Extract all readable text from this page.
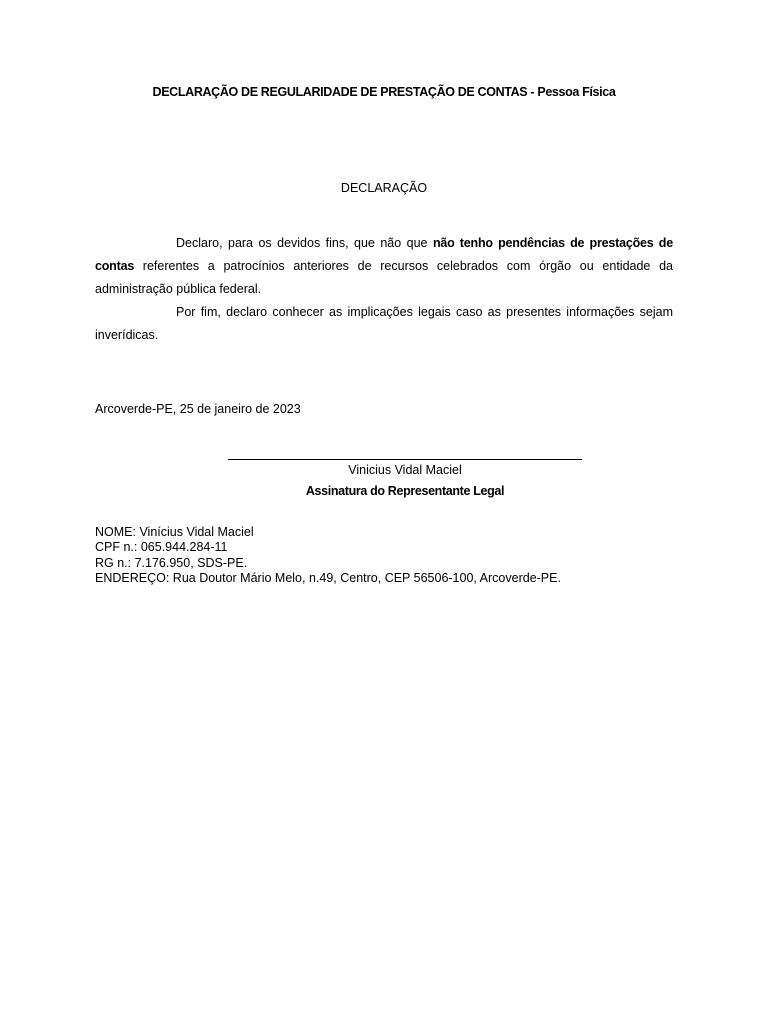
DECLARAÇÃO DE REGULARIDADE DE PRESTAÇÃO DE CONTAS - Pessoa Física
DECLARAÇÃO

Declaro, para os devidos fins, que não que não tenho pendências de prestações de contas referentes a patrocínios anteriores de recursos celebrados com órgão ou entidade da administração pública federal.

Por fim, declaro conhecer as implicações legais caso as presentes informações sejam inverídicas.

Arcoverde-PE, 25 de janeiro de 2023
Vinicius Vidal Maciel
Assinatura do Representante Legal
NOME: Vinícius Vidal Maciel
CPF n.: 065.944.284-11
RG n.: 7.176.950, SDS-PE.
ENDEREÇO: Rua Doutor Mário Melo, n.49, Centro, CEP 56506-100, Arcoverde-PE.
